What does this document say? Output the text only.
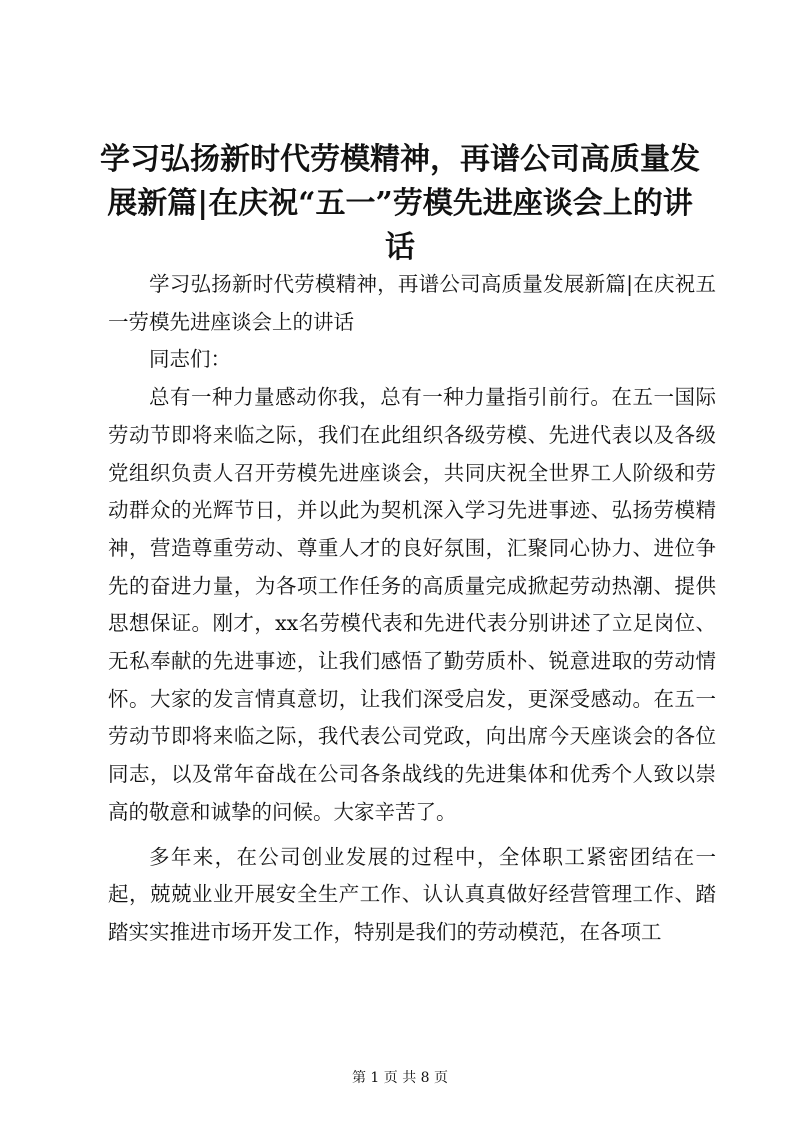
学习弘扬新时代劳模精神，再谱公司高质量发展新篇|在庆祝“五一”劳模先进座谈会上的讲话

学习弘扬新时代劳模精神，再谱公司高质量发展新篇|在庆祝五一劳模先进座谈会上的讲话

同志们：

总有一种力量感动你我，总有一种力量指引前行。在五一国际劳动节即将来临之际，我们在此组织各级劳模、先进代表以及各级党组织负责人召开劳模先进座谈会，共同庆祝全世界工人阶级和劳动群众的光辉节日，并以此为契机深入学习先进事迹、弘扬劳模精神，营造尊重劳动、尊重人才的良好氛围，汇聚同心协力、进位争先的奋进力量，为各项工作任务的高质量完成掀起劳动热潮、提供思想保证。刚才，xx名劳模代表和先进代表分别讲述了立足岗位、无私奉献的先进事迹，让我们感悟了勤劳质朴、锐意进取的劳动情怀。大家的发言情真意切，让我们深受启发，更深受感动。在五一劳动节即将来临之际，我代表公司党政，向出席今天座谈会的各位同志，以及常年奋战在公司各条战线的先进集体和优秀个人致以崇高的敬意和诚挚的问候。大家辛苦了。

多年来，在公司创业发展的过程中，全体职工紧密团结在一起，兢兢业业开展安全生产工作、认认真真做好经营管理工作、踏踏实实推进市场开发工作，特别是我们的劳动模范，在各项工

第 1 页 共 8 页
